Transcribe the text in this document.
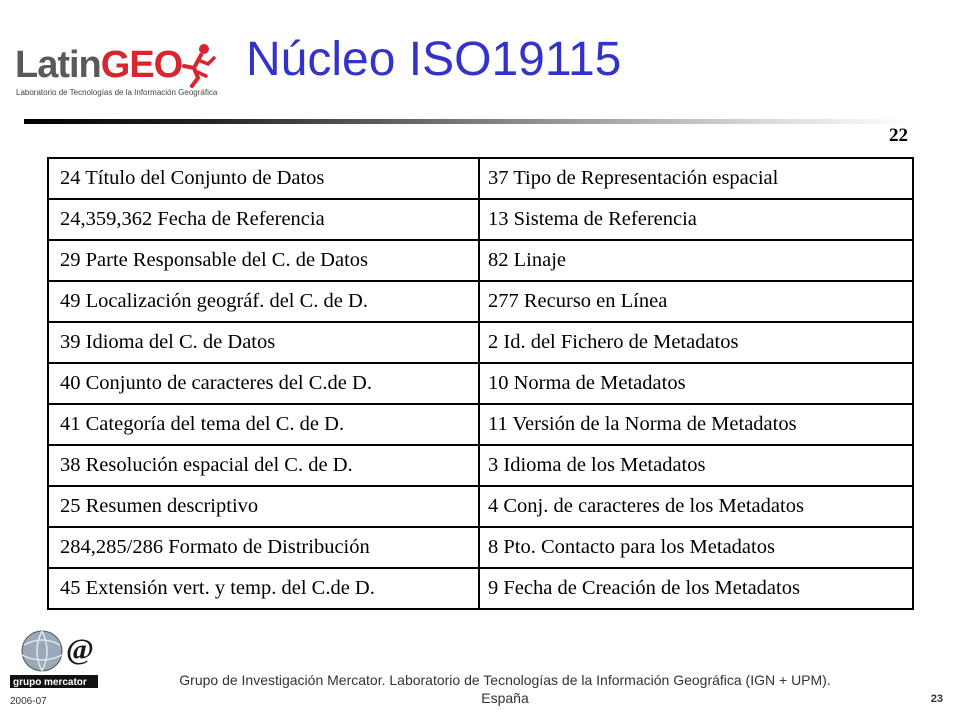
LatinGEO
Laboratorio de Tecnologías de la Información Geográfica
Núcleo ISO19115
22
24 Título del Conjunto de Datos	37 Tipo de Representación espacial
24,359,362 Fecha de Referencia	13 Sistema de Referencia
29 Parte Responsable del C. de Datos	82 Linaje
49 Localización geográf. del C. de D.	277 Recurso en Línea
39 Idioma del C. de Datos	2 Id. del Fichero de Metadatos
40 Conjunto de caracteres del C.de D.	10 Norma de Metadatos
41 Categoría del tema del C. de D.	11 Versión de la Norma de Metadatos
38 Resolución espacial del C. de D.	3 Idioma de los Metadatos
25 Resumen descriptivo	4 Conj. de caracteres de los Metadatos
284,285/286 Formato de Distribución	8 Pto. Contacto para los Metadatos
45 Extensión vert. y temp. del C.de D.	9 Fecha de Creación de los Metadatos
@
grupo mercator	Grupo de Investigación Mercator. Laboratorio de Tecnologías de la Información Geográfica (IGN + UPM).
España
2006-07	23
